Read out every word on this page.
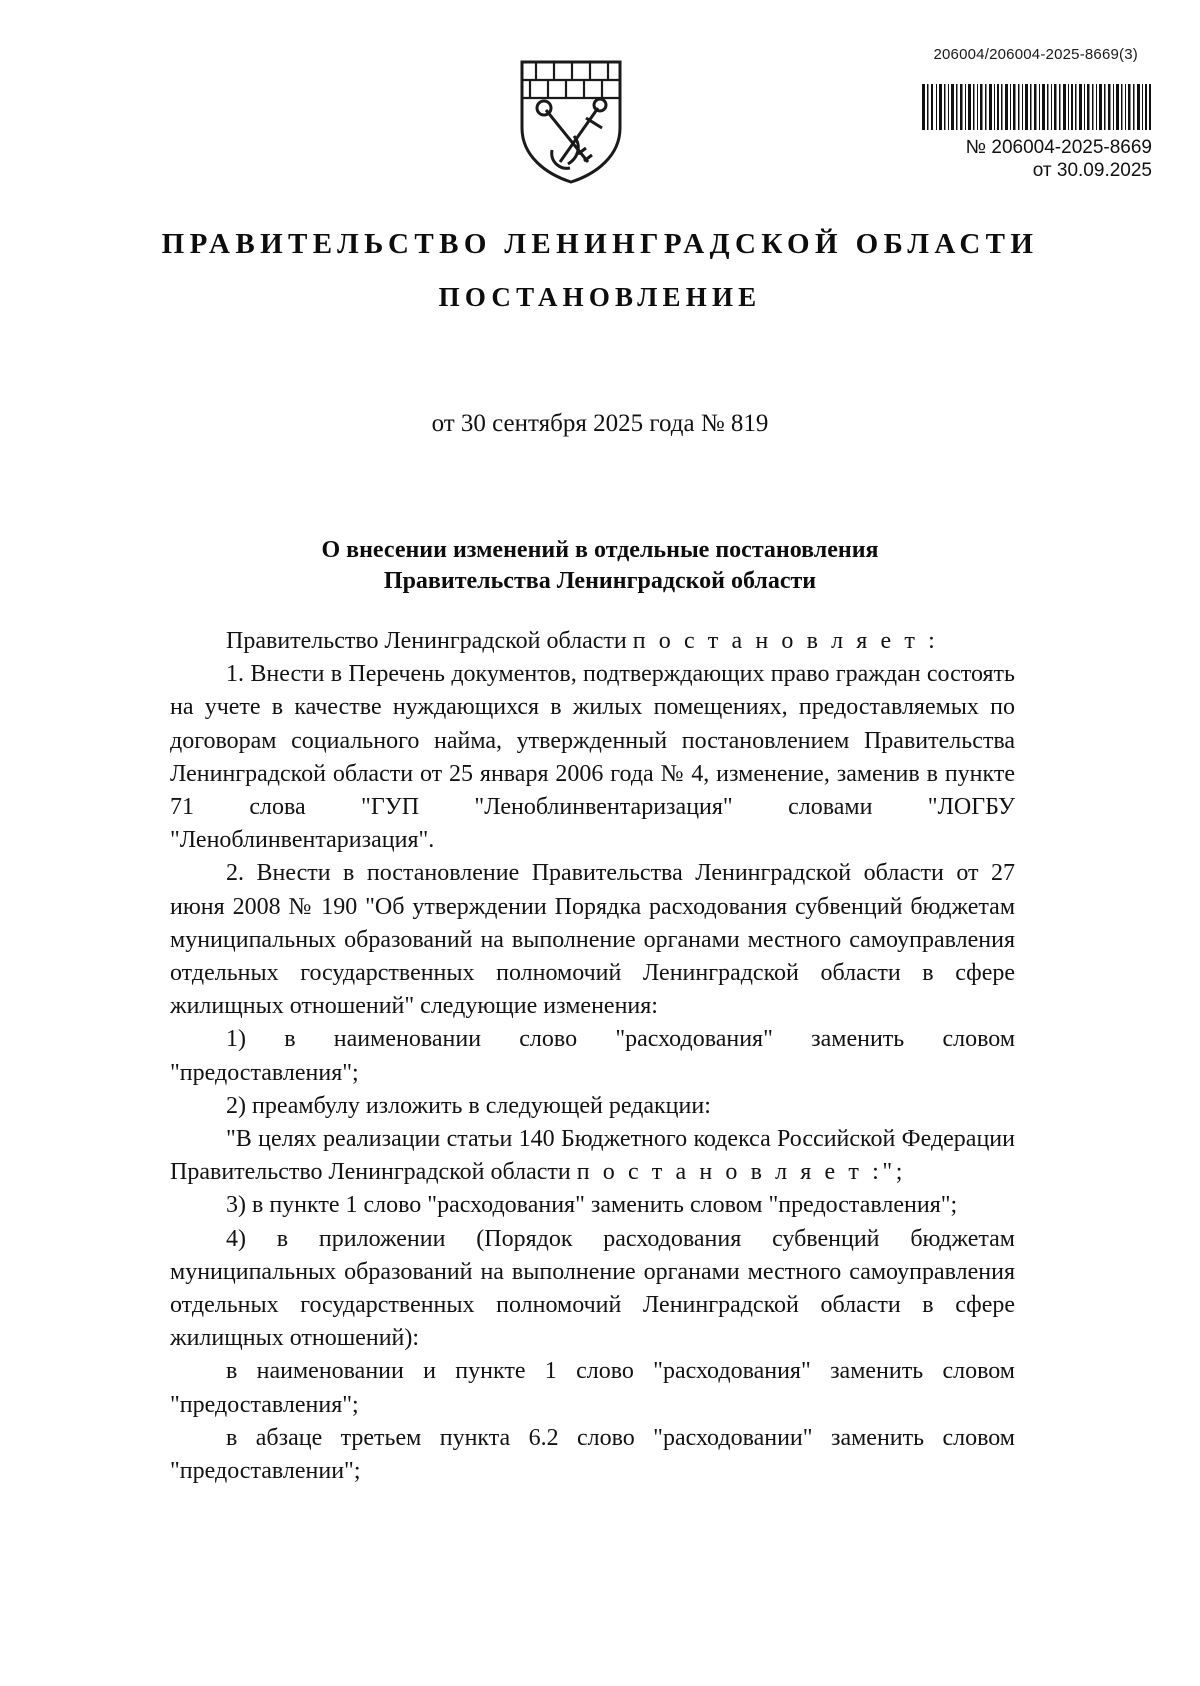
206004/206004-2025-8669(3)
№ 206004-2025-8669
от 30.09.2025
ПРАВИТЕЛЬСТВО ЛЕНИНГРАДСКОЙ ОБЛАСТИ
ПОСТАНОВЛЕНИЕ
от 30 сентября 2025 года № 819
О внесении изменений в отдельные постановления
Правительства Ленинградской области

Правительство Ленинградской области п о с т а н о в л я е т :

1. Внести в Перечень документов, подтверждающих право граждан состоять на учете в качестве нуждающихся в жилых помещениях, предоставляемых по договорам социального найма, утвержденный постановлением Правительства Ленинградской области от 25 января 2006 года № 4, изменение, заменив в пункте 71 слова "ГУП "Леноблинвентаризация" словами "ЛОГБУ "Леноблинвентаризация".

2. Внести в постановление Правительства Ленинградской области от 27 июня 2008 № 190 "Об утверждении Порядка расходования субвенций бюджетам муниципальных образований на выполнение органами местного самоуправления отдельных государственных полномочий Ленинградской области в сфере жилищных отношений" следующие изменения:

1) в наименовании слово "расходования" заменить словом "предоставления";

2) преамбулу изложить в следующей редакции:

"В целях реализации статьи 140 Бюджетного кодекса Российской Федерации Правительство Ленинградской области п о с т а н о в л я е т :";

3) в пункте 1 слово "расходования" заменить словом "предоставления";

4) в приложении (Порядок расходования субвенций бюджетам муниципальных образований на выполнение органами местного самоуправления отдельных государственных полномочий Ленинградской области в сфере жилищных отношений):

в наименовании и пункте 1 слово "расходования" заменить словом "предоставления";

в абзаце третьем пункта 6.2 слово "расходовании" заменить словом "предоставлении";
